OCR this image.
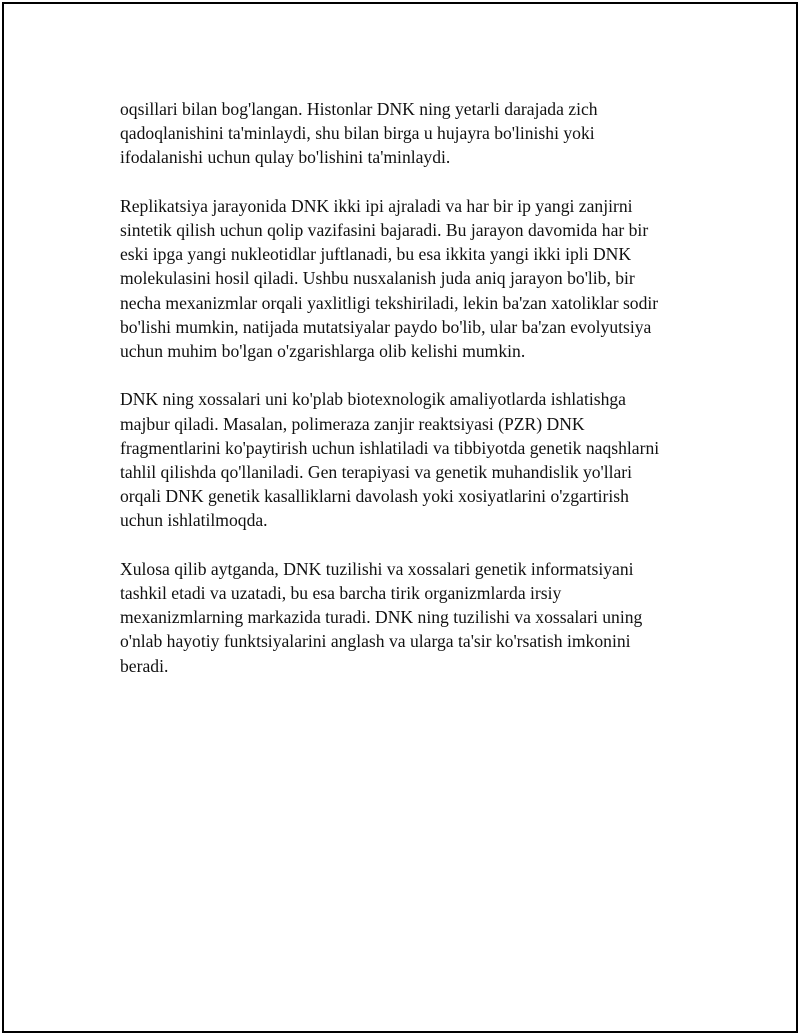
oqsillari bilan bog'langan. Histonlar DNK ning yetarli darajada zich
qadoqlanishini ta'minlaydi, shu bilan birga u hujayra bo'linishi yoki
ifodalanishi uchun qulay bo'lishini ta'minlaydi.

Replikatsiya jarayonida DNK ikki ipi ajraladi va har bir ip yangi zanjirni
sintetik qilish uchun qolip vazifasini bajaradi. Bu jarayon davomida har bir
eski ipga yangi nukleotidlar juftlanadi, bu esa ikkita yangi ikki ipli DNK
molekulasini hosil qiladi. Ushbu nusxalanish juda aniq jarayon bo'lib, bir
necha mexanizmlar orqali yaxlitligi tekshiriladi, lekin ba'zan xatoliklar sodir
bo'lishi mumkin, natijada mutatsiyalar paydo bo'lib, ular ba'zan evolyutsiya
uchun muhim bo'lgan o'zgarishlarga olib kelishi mumkin.

DNK ning xossalari uni ko'plab biotexnologik amaliyotlarda ishlatishga
majbur qiladi. Masalan, polimeraza zanjir reaktsiyasi (PZR) DNK
fragmentlarini ko'paytirish uchun ishlatiladi va tibbiyotda genetik naqshlarni
tahlil qilishda qo'llaniladi. Gen terapiyasi va genetik muhandislik yo'llari
orqali DNK genetik kasalliklarni davolash yoki xosiyatlarini o'zgartirish
uchun ishlatilmoqda.

Xulosa qilib aytganda, DNK tuzilishi va xossalari genetik informatsiyani
tashkil etadi va uzatadi, bu esa barcha tirik organizmlarda irsiy
mexanizmlarning markazida turadi. DNK ning tuzilishi va xossalari uning
o'nlab hayotiy funktsiyalarini anglash va ularga ta'sir ko'rsatish imkonini
beradi.
